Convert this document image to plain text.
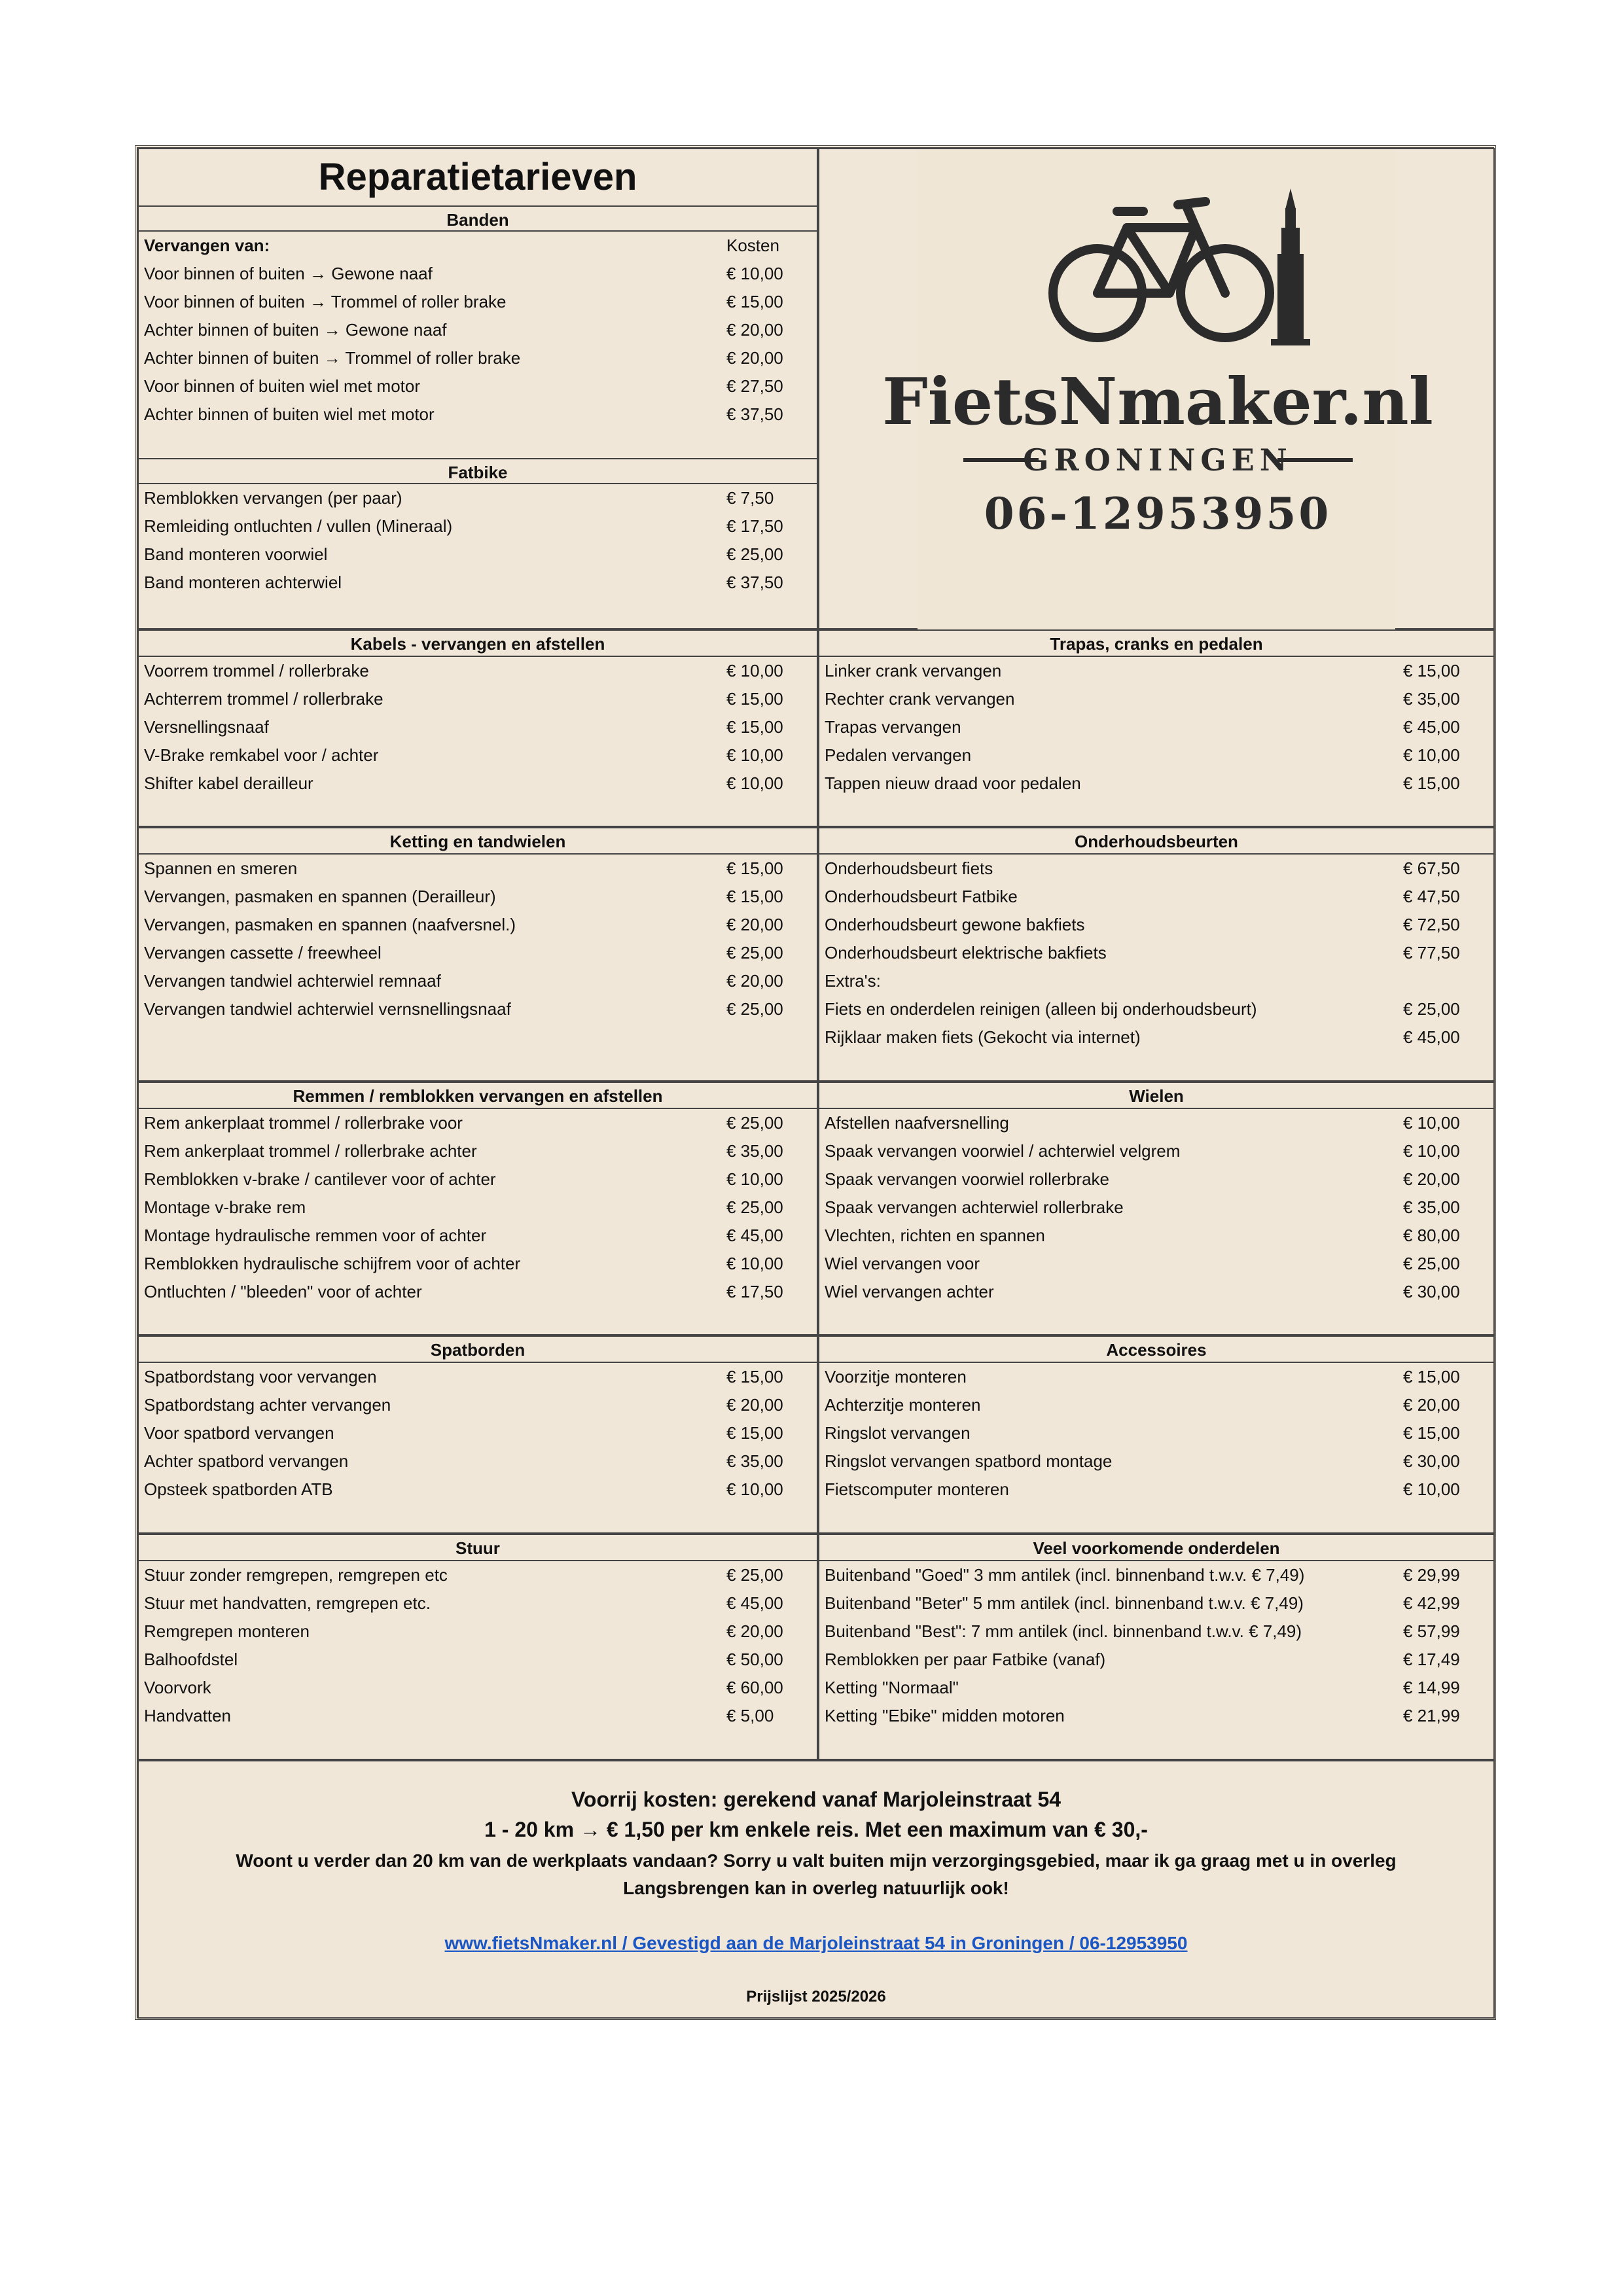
Reparatietarieven
Banden
Vervangen van:	Kosten
Voor binnen of buiten → Gewone naaf	€ 10,00
Voor binnen of buiten → Trommel of roller brake	€ 15,00
Achter binnen of buiten → Gewone naaf	€ 20,00
Achter binnen of buiten → Trommel of roller brake	€ 20,00
Voor binnen of buiten wiel met motor	€ 27,50
Achter binnen of buiten wiel met motor	€ 37,50
Fatbike
Remblokken vervangen (per paar)	€ 7,50
Remleiding ontluchten / vullen (Mineraal)	€ 17,50
Band monteren voorwiel	€ 25,00
Band monteren achterwiel	€ 37,50
FietsNmaker.nl
GRONINGEN
06-12953950
Kabels - vervangen en afstellen
Voorrem trommel / rollerbrake	€ 10,00
Achterrem trommel / rollerbrake	€ 15,00
Versnellingsnaaf	€ 15,00
V-Brake remkabel voor / achter	€ 10,00
Shifter kabel derailleur	€ 10,00
Trapas, cranks en pedalen
Linker crank vervangen	€ 15,00
Rechter crank vervangen	€ 35,00
Trapas vervangen	€ 45,00
Pedalen vervangen	€ 10,00
Tappen nieuw draad voor pedalen	€ 15,00
Ketting en tandwielen
Spannen en smeren	€ 15,00
Vervangen, pasmaken en spannen (Derailleur)	€ 15,00
Vervangen, pasmaken en spannen (naafversnel.)	€ 20,00
Vervangen cassette / freewheel	€ 25,00
Vervangen tandwiel achterwiel remnaaf	€ 20,00
Vervangen tandwiel achterwiel vernsnellingsnaaf	€ 25,00
Onderhoudsbeurten
Onderhoudsbeurt fiets	€ 67,50
Onderhoudsbeurt Fatbike	€ 47,50
Onderhoudsbeurt gewone bakfiets	€ 72,50
Onderhoudsbeurt elektrische bakfiets	€ 77,50
Extra's:
Fiets en onderdelen reinigen (alleen bij onderhoudsbeurt)	€ 25,00
Rijklaar maken fiets (Gekocht via internet)	€ 45,00
Remmen / remblokken vervangen en afstellen
Rem ankerplaat trommel / rollerbrake voor	€ 25,00
Rem ankerplaat trommel / rollerbrake achter	€ 35,00
Remblokken v-brake / cantilever voor of achter	€ 10,00
Montage v-brake rem	€ 25,00
Montage hydraulische remmen voor of achter	€ 45,00
Remblokken hydraulische schijfrem voor of achter	€ 10,00
Ontluchten / "bleeden" voor of achter	€ 17,50
Wielen
Afstellen naafversnelling	€ 10,00
Spaak vervangen voorwiel / achterwiel velgrem	€ 10,00
Spaak vervangen voorwiel rollerbrake	€ 20,00
Spaak vervangen achterwiel rollerbrake	€ 35,00
Vlechten, richten en spannen	€ 80,00
Wiel vervangen voor	€ 25,00
Wiel vervangen achter	€ 30,00
Spatborden
Spatbordstang voor vervangen	€ 15,00
Spatbordstang achter vervangen	€ 20,00
Voor spatbord vervangen	€ 15,00
Achter spatbord vervangen	€ 35,00
Opsteek spatborden ATB	€ 10,00
Accessoires
Voorzitje monteren	€ 15,00
Achterzitje monteren	€ 20,00
Ringslot vervangen	€ 15,00
Ringslot vervangen spatbord montage	€ 30,00
Fietscomputer monteren	€ 10,00
Stuur
Stuur zonder remgrepen, remgrepen etc	€ 25,00
Stuur met handvatten, remgrepen etc.	€ 45,00
Remgrepen monteren	€ 20,00
Balhoofdstel	€ 50,00
Voorvork	€ 60,00
Handvatten	€ 5,00
Veel voorkomende onderdelen
Buitenband "Goed" 3 mm antilek (incl. binnenband t.w.v. € 7,49)	€ 29,99
Buitenband "Beter" 5 mm antilek (incl. binnenband t.w.v. € 7,49)	€ 42,99
Buitenband "Best": 7 mm antilek (incl. binnenband t.w.v. € 7,49)	€ 57,99
Remblokken per paar Fatbike (vanaf)	€ 17,49
Ketting "Normaal"	€ 14,99
Ketting "Ebike" midden motoren	€ 21,99
Voorrij kosten: gerekend vanaf Marjoleinstraat 54
1 - 20 km → € 1,50 per km enkele reis. Met een maximum van € 30,-
Woont u verder dan 20 km van de werkplaats vandaan? Sorry u valt buiten mijn verzorgingsgebied, maar ik ga graag met u in overleg
Langsbrengen kan in overleg natuurlijk ook!
www.fietsNmaker.nl / Gevestigd aan de Marjoleinstraat 54 in Groningen / 06-12953950
Prijslijst 2025/2026
